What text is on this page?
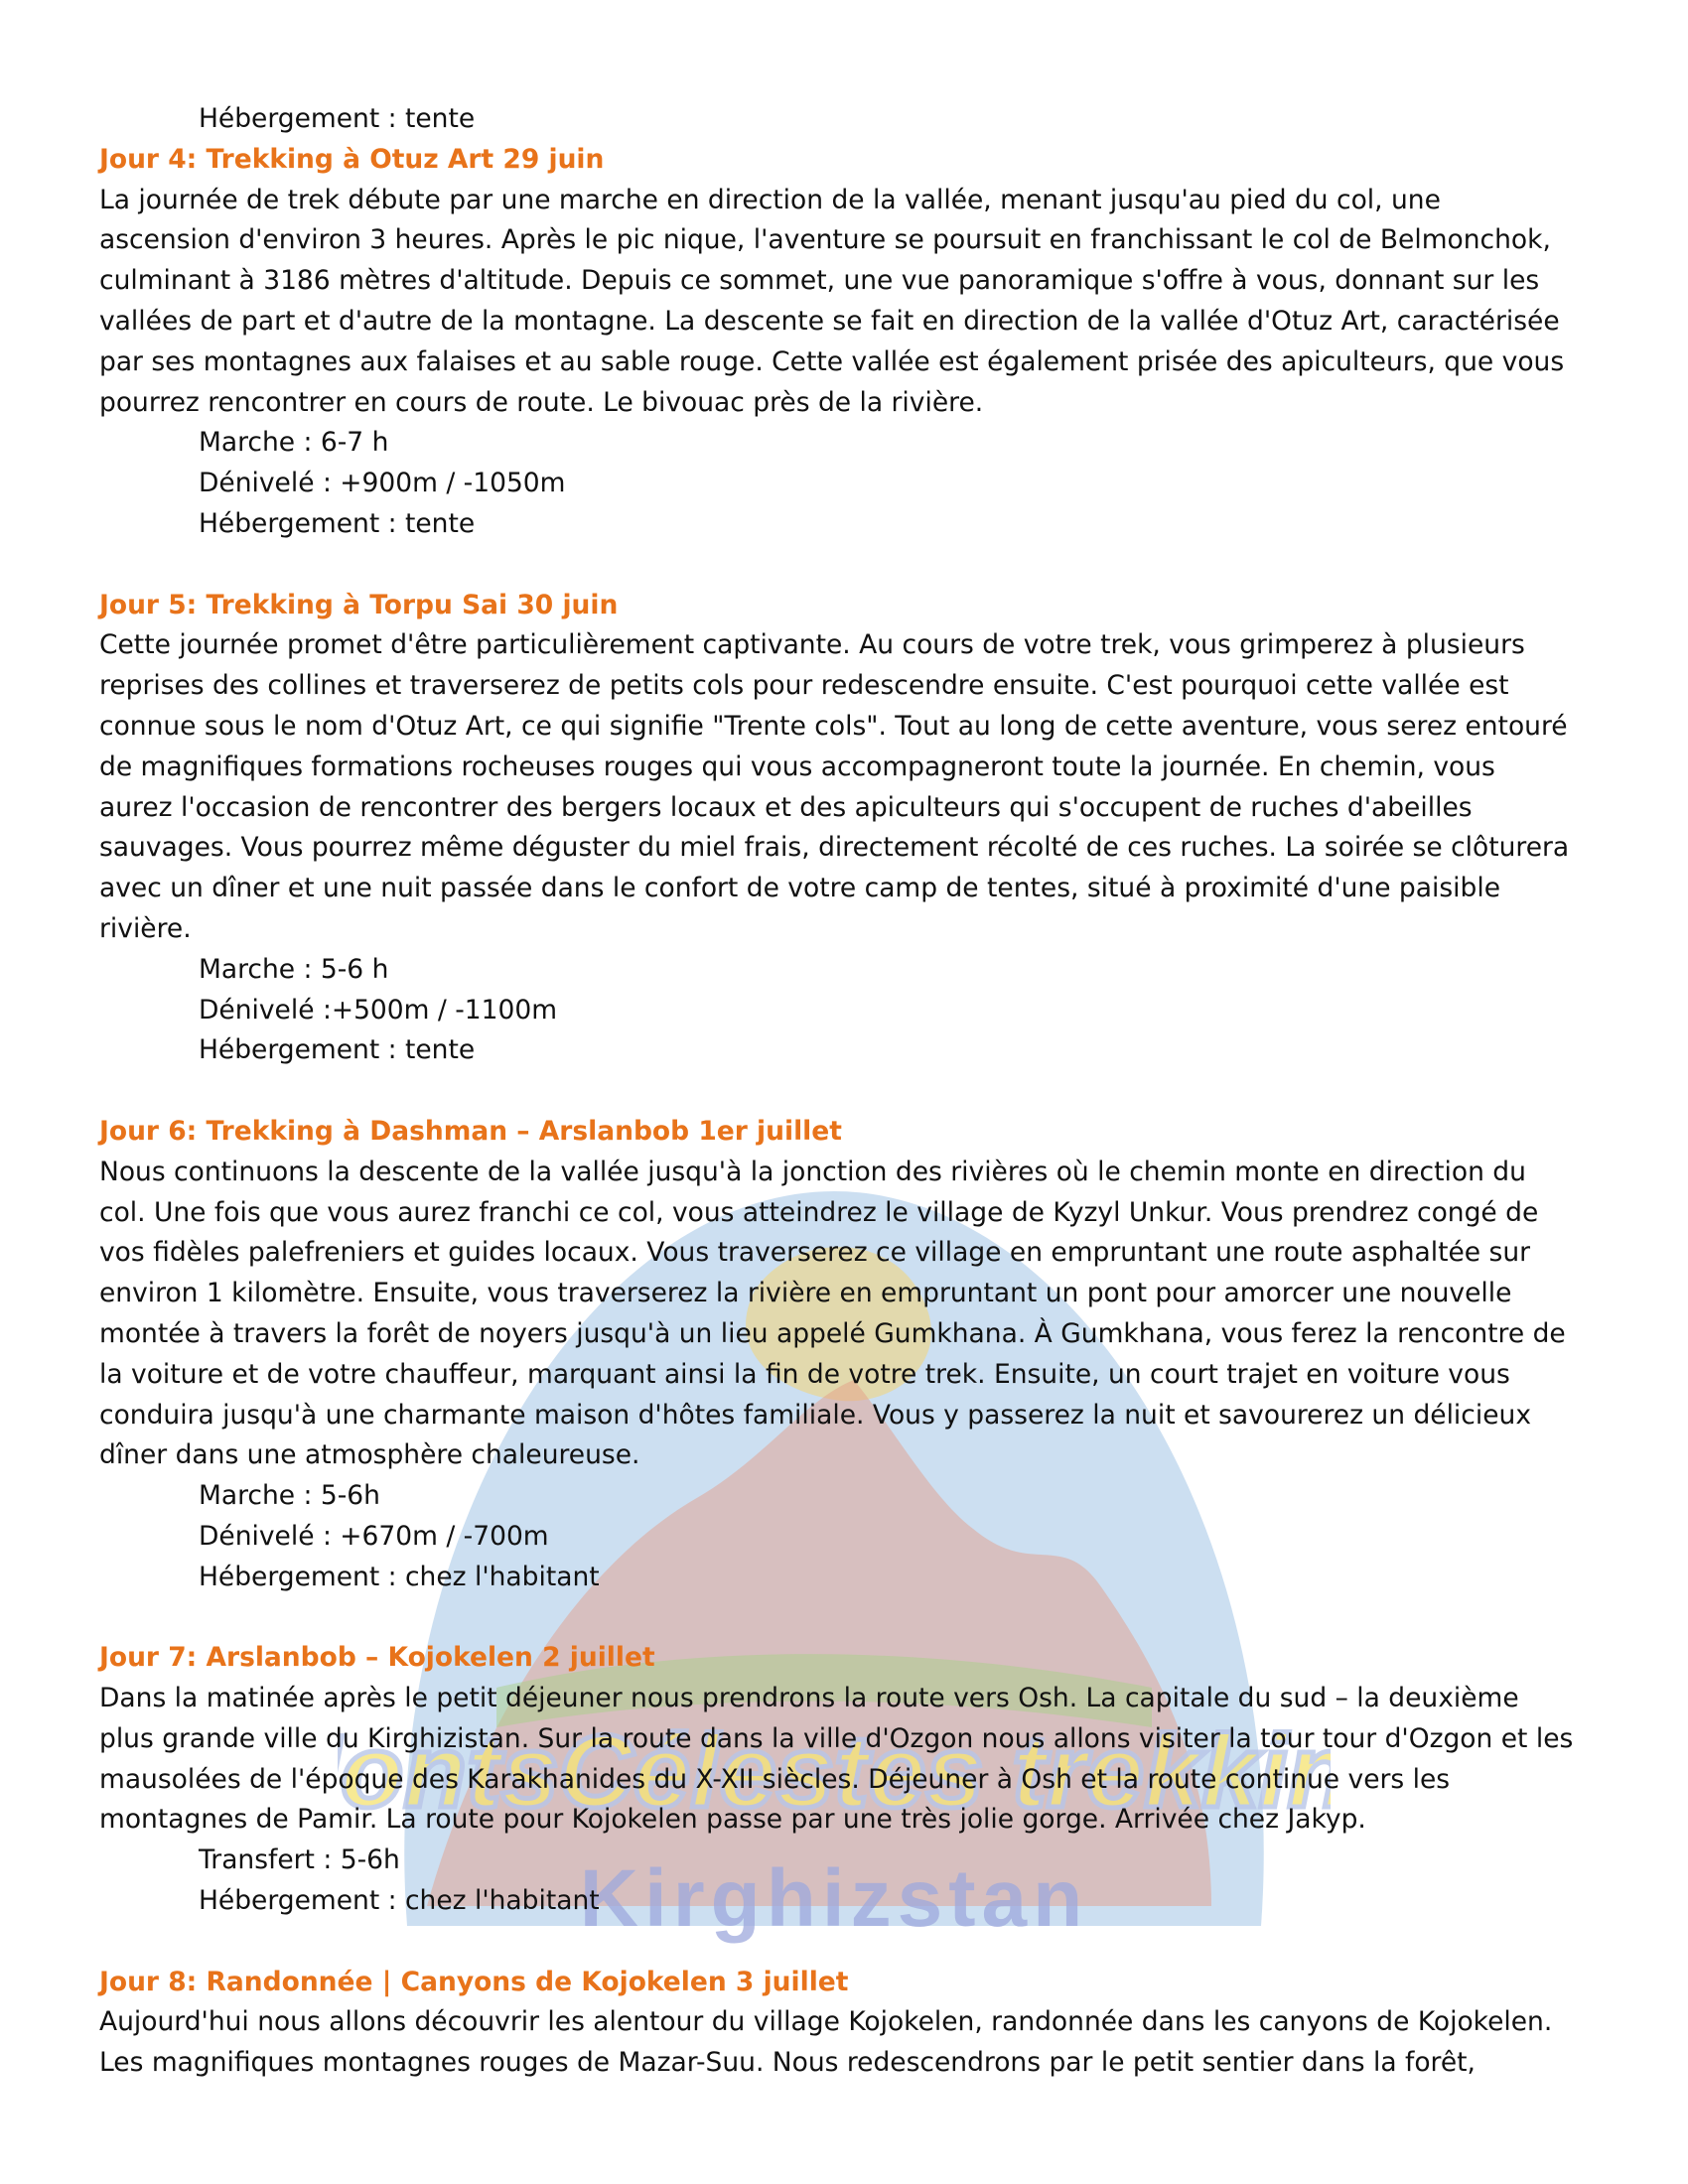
ontsCélestes trekki
Kirghizstan
Hébergement : tente
Jour 4: Trekking à Otuz Art 29 juin
La journée de trek débute par une marche en direction de la vallée, menant jusqu'au pied du col, une
ascension d'environ 3 heures. Après le pic nique, l'aventure se poursuit en franchissant le col de Belmonchok,
culminant à 3186 mètres d'altitude. Depuis ce sommet, une vue panoramique s'offre à vous, donnant sur les
vallées de part et d'autre de la montagne. La descente se fait en direction de la vallée d'Otuz Art, caractérisée
par ses montagnes aux falaises et au sable rouge. Cette vallée est également prisée des apiculteurs, que vous
pourrez rencontrer en cours de route. Le bivouac près de la rivière.
Marche : 6-7 h
Dénivelé : +900m / -1050m
Hébergement : tente
Jour 5: Trekking à Torpu Sai 30 juin
Cette journée promet d'être particulièrement captivante. Au cours de votre trek, vous grimperez à plusieurs
reprises des collines et traverserez de petits cols pour redescendre ensuite. C'est pourquoi cette vallée est
connue sous le nom d'Otuz Art, ce qui signifie "Trente cols". Tout au long de cette aventure, vous serez entouré
de magnifiques formations rocheuses rouges qui vous accompagneront toute la journée. En chemin, vous
aurez l'occasion de rencontrer des bergers locaux et des apiculteurs qui s'occupent de ruches d'abeilles
sauvages. Vous pourrez même déguster du miel frais, directement récolté de ces ruches. La soirée se clôturera
avec un dîner et une nuit passée dans le confort de votre camp de tentes, situé à proximité d'une paisible
rivière.
Marche : 5-6 h
Dénivelé :+500m / -1100m
Hébergement : tente
Jour 6: Trekking à Dashman – Arslanbob 1er juillet
Nous continuons la descente de la vallée jusqu'à la jonction des rivières où le chemin monte en direction du
col. Une fois que vous aurez franchi ce col, vous atteindrez le village de Kyzyl Unkur. Vous prendrez congé de
vos fidèles palefreniers et guides locaux. Vous traverserez ce village en empruntant une route asphaltée sur
environ 1 kilomètre. Ensuite, vous traverserez la rivière en empruntant un pont pour amorcer une nouvelle
montée à travers la forêt de noyers jusqu'à un lieu appelé Gumkhana. À Gumkhana, vous ferez la rencontre de
la voiture et de votre chauffeur, marquant ainsi la fin de votre trek. Ensuite, un court trajet en voiture vous
conduira jusqu'à une charmante maison d'hôtes familiale. Vous y passerez la nuit et savourerez un délicieux
dîner dans une atmosphère chaleureuse.
Marche : 5-6h
Dénivelé : +670m / -700m
Hébergement : chez l'habitant
Jour 7: Arslanbob – Kojokelen 2 juillet
Dans la matinée après le petit déjeuner nous prendrons la route vers Osh. La capitale du sud – la deuxième
plus grande ville du Kirghizistan. Sur la route dans la ville d'Ozgon nous allons visiter la tour tour d'Ozgon et les
mausolées de l'époque des Karakhanides du X-XII siècles. Déjeuner à Osh et la route continue vers les
montagnes de Pamir. La route pour Kojokelen passe par une très jolie gorge. Arrivée chez Jakyp.
Transfert : 5-6h
Hébergement : chez l'habitant
Jour 8: Randonnée | Canyons de Kojokelen 3 juillet
Aujourd'hui nous allons découvrir les alentour du village Kojokelen, randonnée dans les canyons de Kojokelen.
Les magnifiques montagnes rouges de Mazar-Suu. Nous redescendrons par le petit sentier dans la forêt,
